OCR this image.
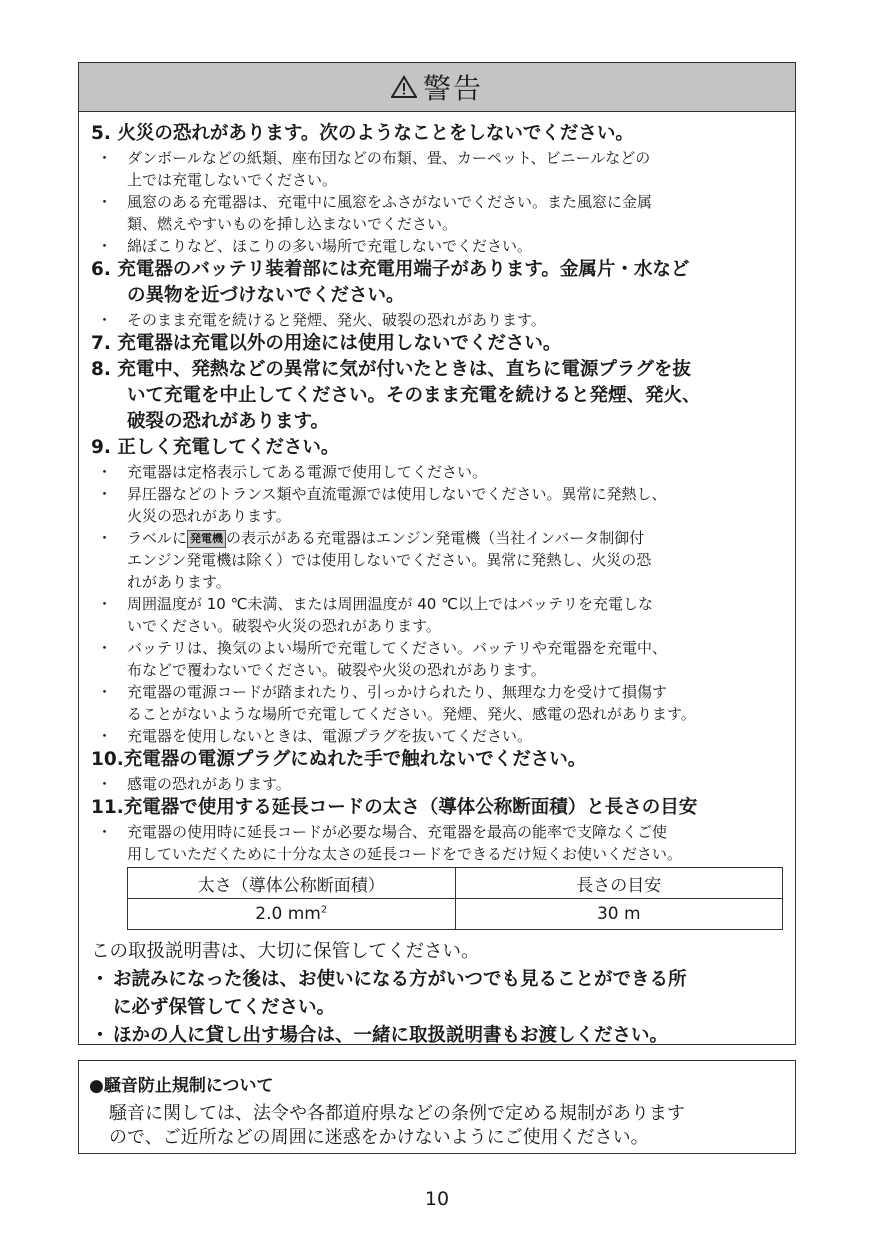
警告
5. 火災の恐れがあります。次のようなことをしないでください。
・ ダンボールなどの紙類、座布団などの布類、畳、カーペット、ビニールなどの
上では充電しないでください。
・ 風窓のある充電器は、充電中に風窓をふさがないでください。また風窓に金属
類、燃えやすいものを挿し込まないでください。
・ 綿ぼこりなど、ほこりの多い場所で充電しないでください。
6. 充電器のバッテリ装着部には充電用端子があります。金属片・水など
の異物を近づけないでください。
・ そのまま充電を続けると発煙、発火、破裂の恐れがあります。
7. 充電器は充電以外の用途には使用しないでください。
8. 充電中、発熱などの異常に気が付いたときは、直ちに電源プラグを抜
いて充電を中止してください。そのまま充電を続けると発煙、発火、
破裂の恐れがあります。
9. 正しく充電してください。
・ 充電器は定格表示してある電源で使用してください。
・ 昇圧器などのトランス類や直流電源では使用しないでください。異常に発熱し、
火災の恐れがあります。
・ ラベルに 発電機 の表示がある充電器はエンジン発電機（当社インバータ制御付
エンジン発電機は除く）では使用しないでください。異常に発熱し、火災の恐
れがあります。
・ 周囲温度が 10 ℃未満、または周囲温度が 40 ℃以上ではバッテリを充電しな
いでください。破裂や火災の恐れがあります。
・ バッテリは、換気のよい場所で充電してください。バッテリや充電器を充電中、
布などで覆わないでください。破裂や火災の恐れがあります。
・ 充電器の電源コードが踏まれたり、引っかけられたり、無理な力を受けて損傷す
ることがないような場所で充電してください。発煙、発火、感電の恐れがあります。
・ 充電器を使用しないときは、電源プラグを抜いてください。
10.充電器の電源プラグにぬれた手で触れないでください。
・ 感電の恐れがあります。
11.充電器で使用する延長コードの太さ（導体公称断面積）と長さの目安
・ 充電器の使用時に延長コードが必要な場合、充電器を最高の能率で支障なくご使
用していただくために十分な太さの延長コードをできるだけ短くお使いください。
太さ（導体公称断面積）	長さの目安
2.0 $mm^2$	30 m
この取扱説明書は、大切に保管してください。
・ お読みになった後は、お使いになる方がいつでも見ることができる所
に必ず保管してください。
・ ほかの人に貸し出す場合は、一緒に取扱説明書もお渡しください。
●騒音防止規制について
騒音に関しては、法令や各都道府県などの条例で定める規制があります
ので、ご近所などの周囲に迷惑をかけないようにご使用ください。
10
